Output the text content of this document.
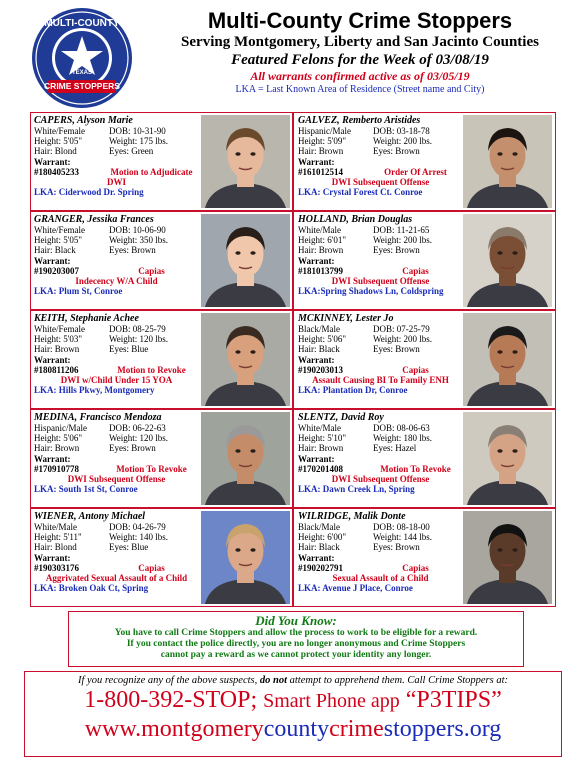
MULTI-COUNTY
TEXAS
CRIME STOPPERS
Multi-County Crime Stoppers
Serving Montgomery, Liberty and San Jacinto Counties
Featured Felons for the Week of 03/08/19
All warrants confirmed active as of 03/05/19
LKA = Last Known Area of Residence (Street name and City)
CAPERS, Alyson Marie
White/Female	DOB: 10-31-90
Height: 5'05"	Weight: 175 lbs.
Hair: Blond	Eyes: Green
Warrant:
#180405233	Motion to Adjudicate
DWI
LKA: Ciderwood Dr. Spring
GALVEZ, Remberto Aristides
Hispanic/Male	DOB: 03-18-78
Height: 5'09"	Weight: 200 lbs.
Hair: Brown	Eyes: Brown
Warrant:
#161012514	Order Of Arrest
DWI Subsequent Offense
LKA: Crystal Forest Ct. Conroe
GRANGER, Jessika Frances
White/Female	DOB: 10-06-90
Height: 5'05"	Weight: 350 lbs.
Hair: Black	Eyes: Brown
Warrant:
#190203007	Capias
Indecency W/A Child
LKA: Plum St, Conroe
HOLLAND, Brian Douglas
White/Male	DOB: 11-21-65
Height: 6'01"	Weight: 200 lbs.
Hair: Brown	Eyes: Brown
Warrant:
#181013799	Capias
DWI Subsequent Offense
LKA:Spring Shadows Ln, Coldspring
KEITH, Stephanie Achee
White/Female	DOB: 08-25-79
Height: 5'03"	Weight: 120 lbs.
Hair: Brown	Eyes: Blue
Warrant:
#180811206	Motion to Revoke
DWI w/Child Under 15 YOA
LKA: Hills Pkwy, Montgomery
MCKINNEY, Lester Jo
Black/Male	DOB: 07-25-79
Height: 5'06"	Weight: 200 lbs.
Hair: Black	Eyes: Brown
Warrant:
#190203013	Capias
Assault Causing BI To Family ENH
LKA: Plantation Dr, Conroe
MEDINA, Francisco Mendoza
Hispanic/Male	DOB: 06-22-63
Height: 5'06"	Weight: 120 lbs.
Hair: Brown	Eyes: Brown
Warrant:
#170910778	Motion To Revoke
DWI Subsequent Offense
LKA: South 1st St, Conroe
SLENTZ, David Roy
White/Male	DOB: 08-06-63
Height: 5'10"	Weight: 180 lbs.
Hair: Brown	Eyes: Hazel
Warrant:
#170201408	Motion To Revoke
DWI Subsequent Offense
LKA: Dawn Creek Ln, Spring
WIENER, Antony Michael
White/Male	DOB: 04-26-79
Height: 5'11"	Weight: 140 lbs.
Hair: Blond	Eyes: Blue
Warrant:
#190303176	Capias
Aggrivated Sexual Assault of a Child
LKA: Broken Oak Ct, Spring
WILRIDGE, Malik Donte
Black/Male	DOB: 08-18-00
Height: 6'00"	Weight: 144 lbs.
Hair: Black	Eyes: Brown
Warrant:
#190202791	Capias
Sexual Assault of a Child
LKA: Avenue J Place, Conroe
Did You Know:
You have to call Crime Stoppers and allow the process to work to be eligible for a reward.
If you contact the police directly, you are no longer anonymous and Crime Stoppers
cannot pay a reward as we cannot protect your identity any longer.
If you recognize any of the above suspects, do not attempt to apprehend them. Call Crime Stoppers at:
1-800-392-STOP; Smart Phone app “P3TIPS”
www.montgomerycountycrimestoppers.org
